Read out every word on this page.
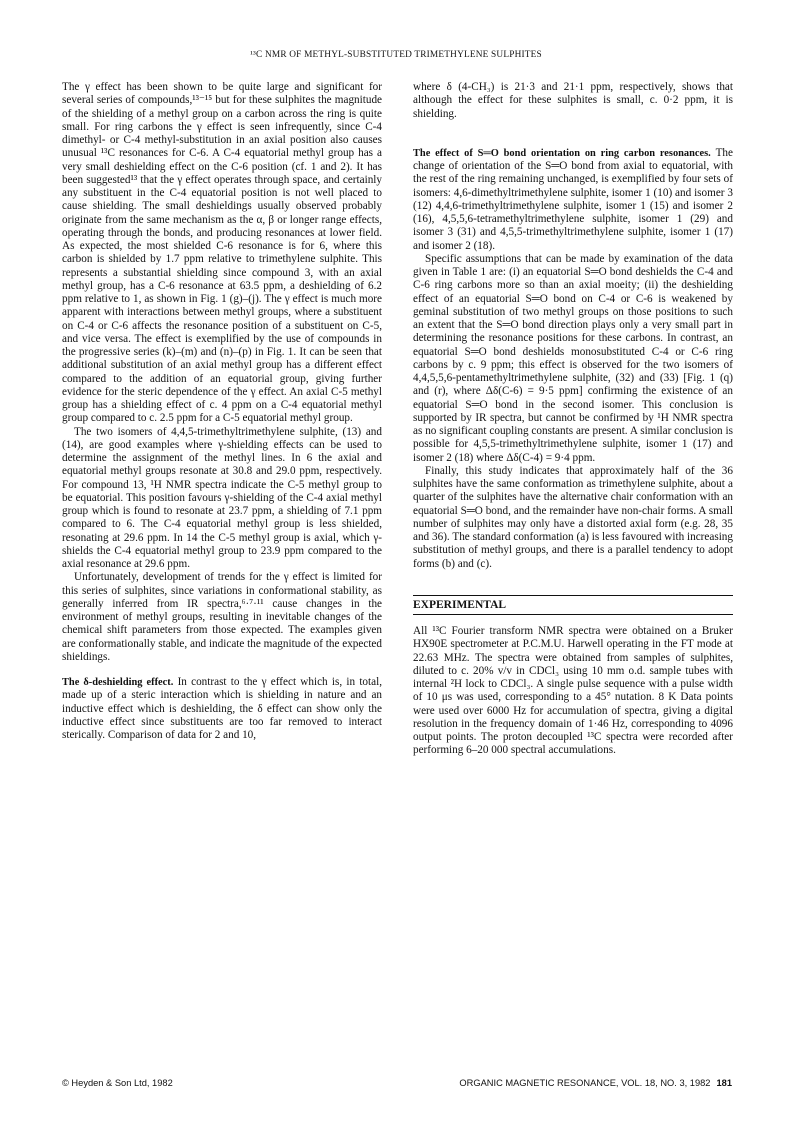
¹³C NMR OF METHYL-SUBSTITUTED TRIMETHYLENE SULPHITES

The γ effect has been shown to be quite large and significant for several series of compounds,¹³⁻¹⁵ but for these sulphites the magnitude of the shielding of a methyl group on a carbon across the ring is quite small. For ring carbons the γ effect is seen infrequently, since C-4 dimethyl- or C-4 methyl-substitution in an axial position also causes unusual ¹³C resonances for C-6. A C-4 equatorial methyl group has a very small deshielding effect on the C-6 position (cf. 1 and 2). It has been suggested¹³ that the γ effect operates through space, and certainly any substituent in the C-4 equatorial position is not well placed to cause shielding. The small deshieldings usually observed probably originate from the same mechanism as the α, β or longer range effects, operating through the bonds, and producing resonances at lower field. As expected, the most shielded C-6 resonance is for 6, where this carbon is shielded by 1.7 ppm relative to trimethylene sulphite. This represents a substantial shielding since compound 3, with an axial methyl group, has a C-6 resonance at 63.5 ppm, a deshielding of 6.2 ppm relative to 1, as shown in Fig. 1 (g)–(j). The γ effect is much more apparent with interactions between methyl groups, where a substituent on C-4 or C-6 affects the resonance position of a substituent on C-5, and vice versa. The effect is exemplified by the use of compounds in the progressive series (k)–(m) and (n)–(p) in Fig. 1. It can be seen that additional substitution of an axial methyl group has a different effect compared to the addition of an equatorial group, giving further evidence for the steric dependence of the γ effect. An axial C-5 methyl group has a shielding effect of c. 4 ppm on a C-4 equatorial methyl group compared to c. 2.5 ppm for a C-5 equatorial methyl group.

The two isomers of 4,4,5-trimethyltrimethylene sulphite, (13) and (14), are good examples where γ-shielding effects can be used to determine the assignment of the methyl lines. In 6 the axial and equatorial methyl groups resonate at 30.8 and 29.0 ppm, respectively. For compound 13, ¹H NMR spectra indicate the C-5 methyl group to be equatorial. This position favours γ-shielding of the C-4 axial methyl group which is found to resonate at 23.7 ppm, a shielding of 7.1 ppm compared to 6. The C-4 equatorial methyl group is less shielded, resonating at 29.6 ppm. In 14 the C-5 methyl group is axial, which γ-shields the C-4 equatorial methyl group to 23.9 ppm compared to the axial resonance at 29.6 ppm.

Unfortunately, development of trends for the γ effect is limited for this series of sulphites, since variations in conformational stability, as generally inferred from IR spectra,⁶·⁷·¹¹ cause changes in the environment of methyl groups, resulting in inevitable changes of the chemical shift parameters from those expected. The examples given are conformationally stable, and indicate the magnitude of the expected shieldings.

The δ-deshielding effect. In contrast to the γ effect which is, in total, made up of a steric interaction which is shielding in nature and an inductive effect which is deshielding, the δ effect can show only the inductive effect since substituents are too far removed to interact sterically. Comparison of data for 2 and 10,

where δ (4-CH₃) is 21·3 and 21·1 ppm, respectively, shows that although the effect for these sulphites is small, c. 0·2 ppm, it is shielding.

The effect of S═O bond orientation on ring carbon resonances. The change of orientation of the S═O bond from axial to equatorial, with the rest of the ring remaining unchanged, is exemplified by four sets of isomers: 4,6-dimethyltrimethylene sulphite, isomer 1 (10) and isomer 3 (12) 4,4,6-trimethyltrimethylene sulphite, isomer 1 (15) and isomer 2 (16), 4,5,5,6-tetramethyltrimethylene sulphite, isomer 1 (29) and isomer 3 (31) and 4,5,5-trimethyltrimethylene sulphite, isomer 1 (17) and isomer 2 (18).

Specific assumptions that can be made by examination of the data given in Table 1 are: (i) an equatorial S═O bond deshields the C-4 and C-6 ring carbons more so than an axial moeity; (ii) the deshielding effect of an equatorial S═O bond on C-4 or C-6 is weakened by geminal substitution of two methyl groups on those positions to such an extent that the S═O bond direction plays only a very small part in determining the resonance positions for these carbons. In contrast, an equatorial S═O bond deshields monosubstituted C-4 or C-6 ring carbons by c. 9 ppm; this effect is observed for the two isomers of 4,4,5,5,6-pentamethyltrimethylene sulphite, (32) and (33) [Fig. 1 (q) and (r), where Δδ(C-6) = 9·5 ppm] confirming the existence of an equatorial S═O bond in the second isomer. This conclusion is supported by IR spectra, but cannot be confirmed by ¹H NMR spectra as no significant coupling constants are present. A similar conclusion is possible for 4,5,5-trimethyltrimethylene sulphite, isomer 1 (17) and isomer 2 (18) where Δδ(C-4) = 9·4 ppm.

Finally, this study indicates that approximately half of the 36 sulphites have the same conformation as trimethylene sulphite, about a quarter of the sulphites have the alternative chair conformation with an equatorial S═O bond, and the remainder have non-chair forms. A small number of sulphites may only have a distorted axial form (e.g. 28, 35 and 36). The standard conformation (a) is less favoured with increasing substitution of methyl groups, and there is a parallel tendency to adopt forms (b) and (c).

EXPERIMENTAL

All ¹³C Fourier transform NMR spectra were obtained on a Bruker HX90E spectrometer at P.C.M.U. Harwell operating in the FT mode at 22.63 MHz. The spectra were obtained from samples of sulphites, diluted to c. 20% v/v in CDCl₃ using 10 mm o.d. sample tubes with internal ²H lock to CDCl₃. A single pulse sequence with a pulse width of 10 μs was used, corresponding to a 45° nutation. 8 K Data points were used over 6000 Hz for accumulation of spectra, giving a digital resolution in the frequency domain of 1·46 Hz, corresponding to 4096 output points. The proton decoupled ¹³C spectra were recorded after performing 6–20 000 spectral accumulations.

© Heyden & Son Ltd, 1982	ORGANIC MAGNETIC RESONANCE, VOL. 18, NO. 3, 1982 181
